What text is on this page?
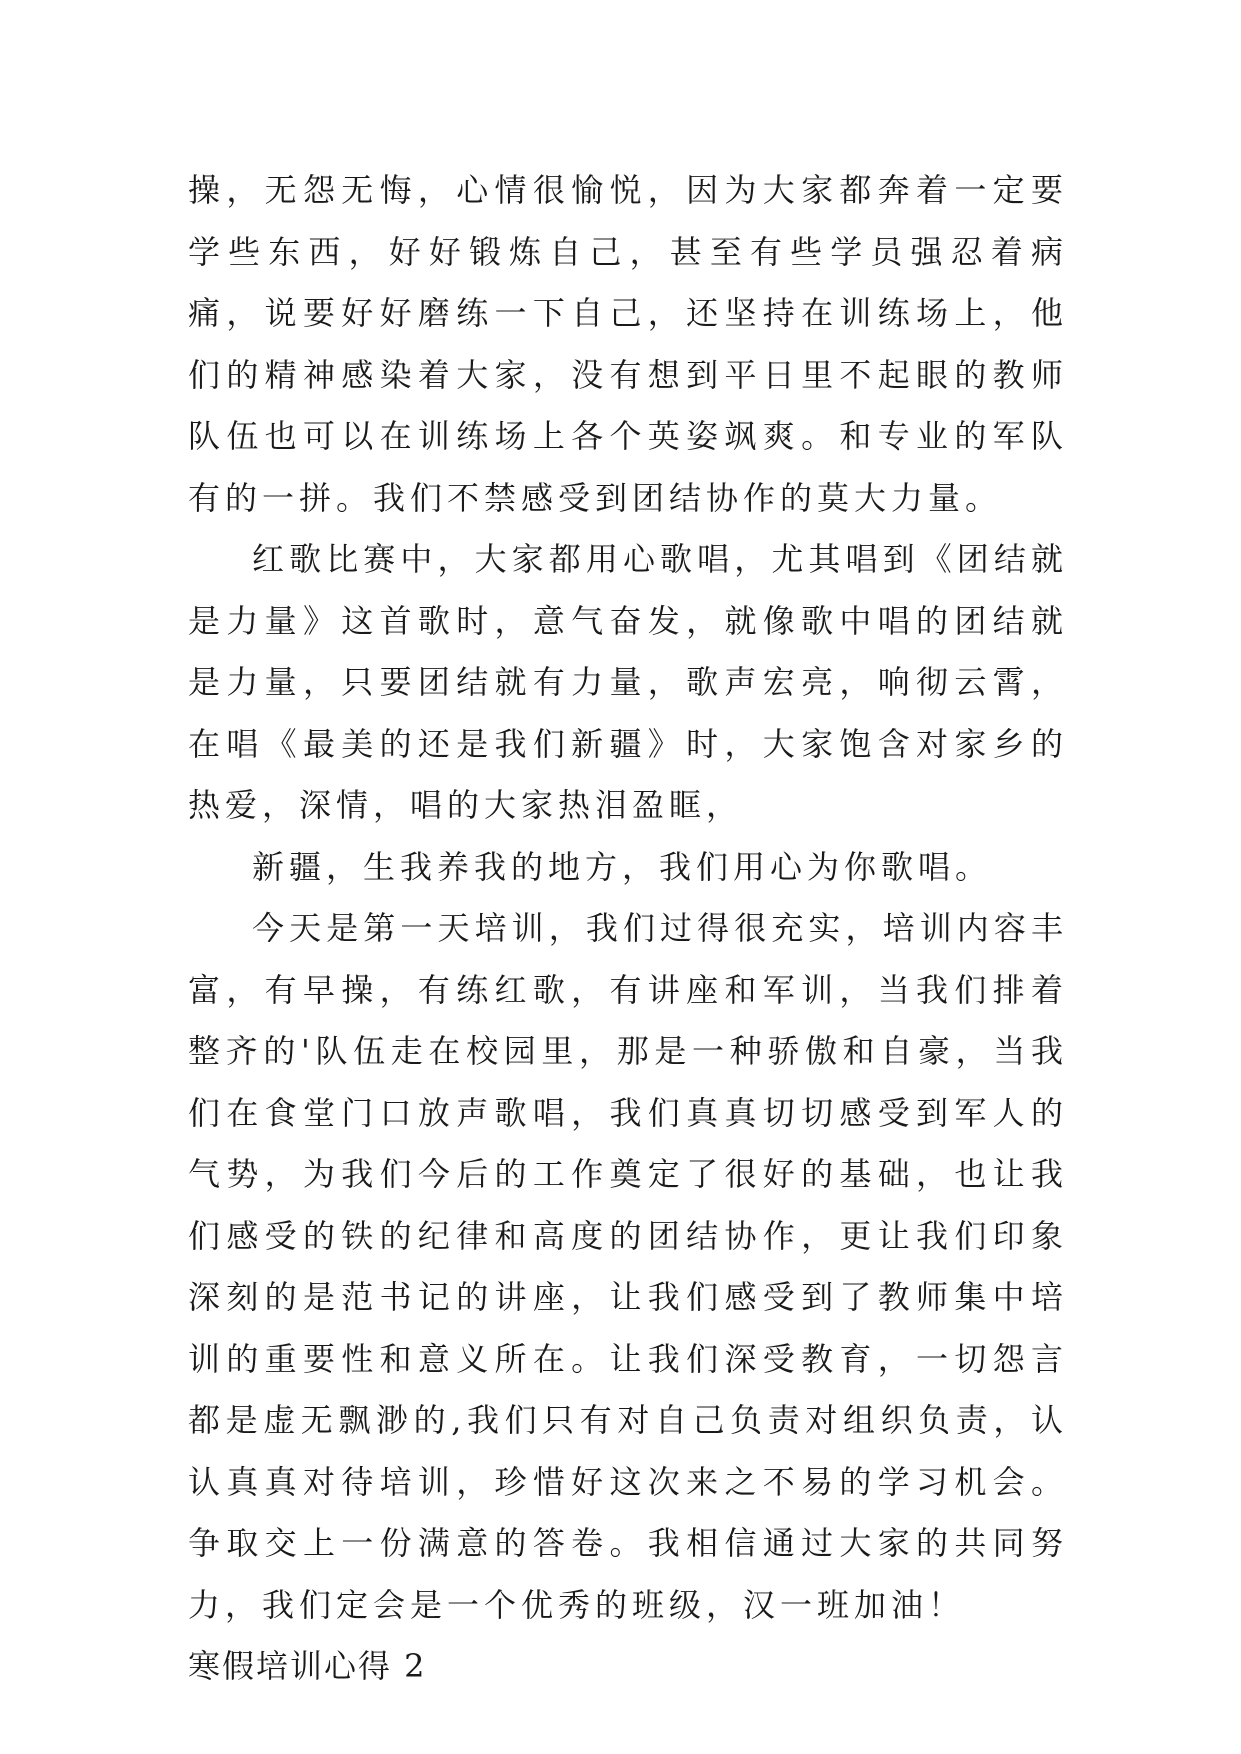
操，无怨无悔，心情很愉悦，因为大家都奔着一定要学些东西，好好锻炼自己，甚至有些学员强忍着病痛，说要好好磨练一下自己，还坚持在训练场上，他们的精神感染着大家，没有想到平日里不起眼的教师队伍也可以在训练场上各个英姿飒爽。和专业的军队有的一拼。我们不禁感受到团结协作的莫大力量。

红歌比赛中，大家都用心歌唱，尤其唱到《团结就是力量》这首歌时，意气奋发，就像歌中唱的团结就是力量，只要团结就有力量，歌声宏亮，响彻云霄，在唱《最美的还是我们新疆》时，大家饱含对家乡的热爱，深情，唱的大家热泪盈眶，

新疆，生我养我的地方，我们用心为你歌唱。

今天是第一天培训，我们过得很充实，培训内容丰富，有早操，有练红歌，有讲座和军训，当我们排着整齐的'队伍走在校园里，那是一种骄傲和自豪，当我们在食堂门口放声歌唱，我们真真切切感受到军人的气势，为我们今后的工作奠定了很好的基础，也让我们感受的铁的纪律和高度的团结协作，更让我们印象深刻的是范书记的讲座，让我们感受到了教师集中培训的重要性和意义所在。让我们深受教育，一切怨言都是虚无飘渺的,我们只有对自己负责对组织负责，认认真真对待培训，珍惜好这次来之不易的学习机会。争取交上一份满意的答卷。我相信通过大家的共同努力，我们定会是一个优秀的班级，汉一班加油！

寒假培训心得 2
